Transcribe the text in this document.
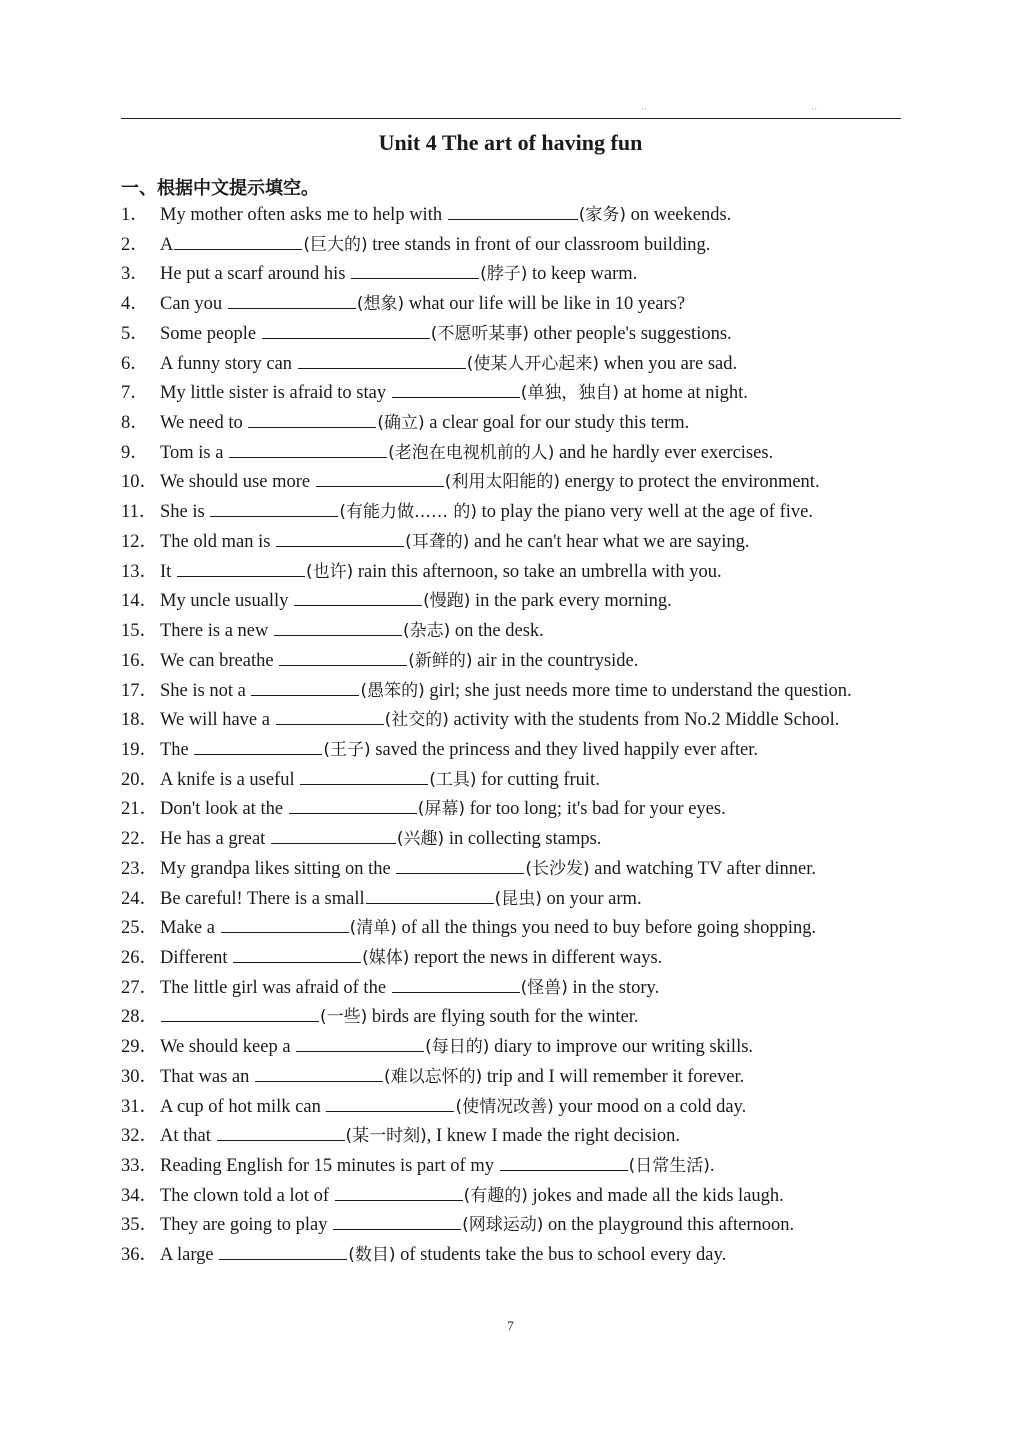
··	··
Unit 4 The art of having fun
一、根据中文提示填空。
1． My mother often asks me to help with	(家务) on weekends.
2． A	(巨大的) tree stands in front of our classroom building.
3． He put a scarf around his	(脖子) to keep warm.
4． Can you	(想象) what our life will be like in 10 years?
5． Some people	(不愿听某事) other people's suggestions.
6． A funny story can	(使某人开心起来) when you are sad.
7． My little sister is afraid to stay	(单独，独自) at home at night.
8． We need to	(确立) a clear goal for our study this term.
9． Tom is a	(老泡在电视机前的人) and he hardly ever exercises.
10． We should use more	(利用太阳能的) energy to protect the environment.
11． She is	(有能力做…… 的) to play the piano very well at the age of five.
12． The old man is	(耳聋的) and he can't hear what we are saying.
13． It	(也许) rain this afternoon, so take an umbrella with you.
14． My uncle usually	(慢跑) in the park every morning.
15． There is a new	(杂志) on the desk.
16． We can breathe	(新鲜的) air in the countryside.
17． She is not a	(愚笨的) girl; she just needs more time to understand the question.
18． We will have a	(社交的) activity with the students from No.2 Middle School.
19． The	(王子) saved the princess and they lived happily ever after.
20． A knife is a useful	(工具) for cutting fruit.
21． Don't look at the	(屏幕) for too long; it's bad for your eyes.
22． He has a great	(兴趣) in collecting stamps.
23． My grandpa likes sitting on the	(长沙发) and watching TV after dinner.
24． Be careful! There is a small	(昆虫) on your arm.
25． Make a	(清单) of all the things you need to buy before going shopping.
26． Different	(媒体) report the news in different ways.
27． The little girl was afraid of the	(怪兽) in the story.
28．	(一些) birds are flying south for the winter.
29． We should keep a	(每日的) diary to improve our writing skills.
30． That was an	(难以忘怀的) trip and I will remember it forever.
31． A cup of hot milk can	(使情况改善) your mood on a cold day.
32． At that	(某一时刻), I knew I made the right decision.
33． Reading English for 15 minutes is part of my	(日常生活).
34． The clown told a lot of	(有趣的) jokes and made all the kids laugh.
35． They are going to play	(网球运动) on the playground this afternoon.
36． A large	(数目) of students take the bus to school every day.
7
